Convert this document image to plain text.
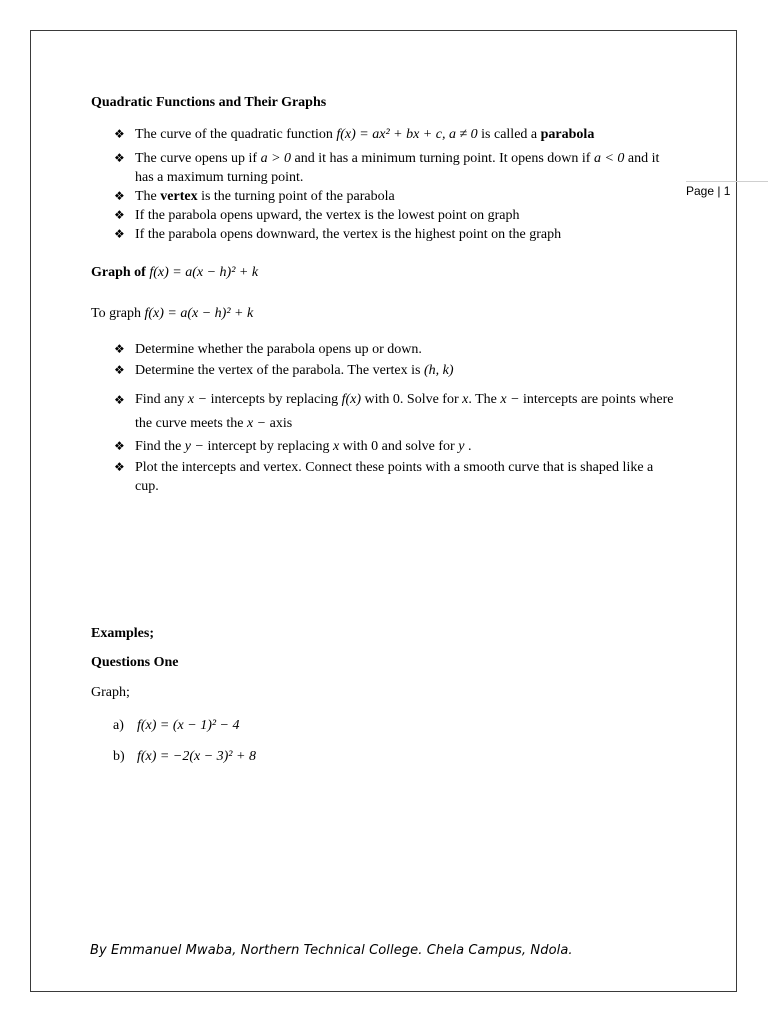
Page | 1
Quadratic Functions and Their Graphs
❖ The curve of the quadratic function f(x) = ax² + bx + c, a ≠ 0 is called a parabola
❖ The curve opens up if a > 0 and it has a minimum turning point. It opens down if a < 0 and it has a maximum turning point.
❖ The vertex is the turning point of the parabola
❖ If the parabola opens upward, the vertex is the lowest point on graph
❖ If the parabola opens downward, the vertex is the highest point on the graph
Graph of f(x) = a(x − h)² + k
To graph f(x) = a(x − h)² + k
❖ Determine whether the parabola opens up or down.
❖ Determine the vertex of the parabola. The vertex is (h, k)
❖ Find any x − intercepts by replacing f(x) with 0. Solve for x. The x − intercepts are points where the curve meets the x − axis
❖ Find the y − intercept by replacing x with 0 and solve for y .
❖ Plot the intercepts and vertex. Connect these points with a smooth curve that is shaped like a cup.
Examples;
Questions One
Graph;
a) f(x) = (x − 1)² − 4
b) f(x) = −2(x − 3)² + 8
By Emmanuel Mwaba, Northern Technical College. Chela Campus, Ndola.
